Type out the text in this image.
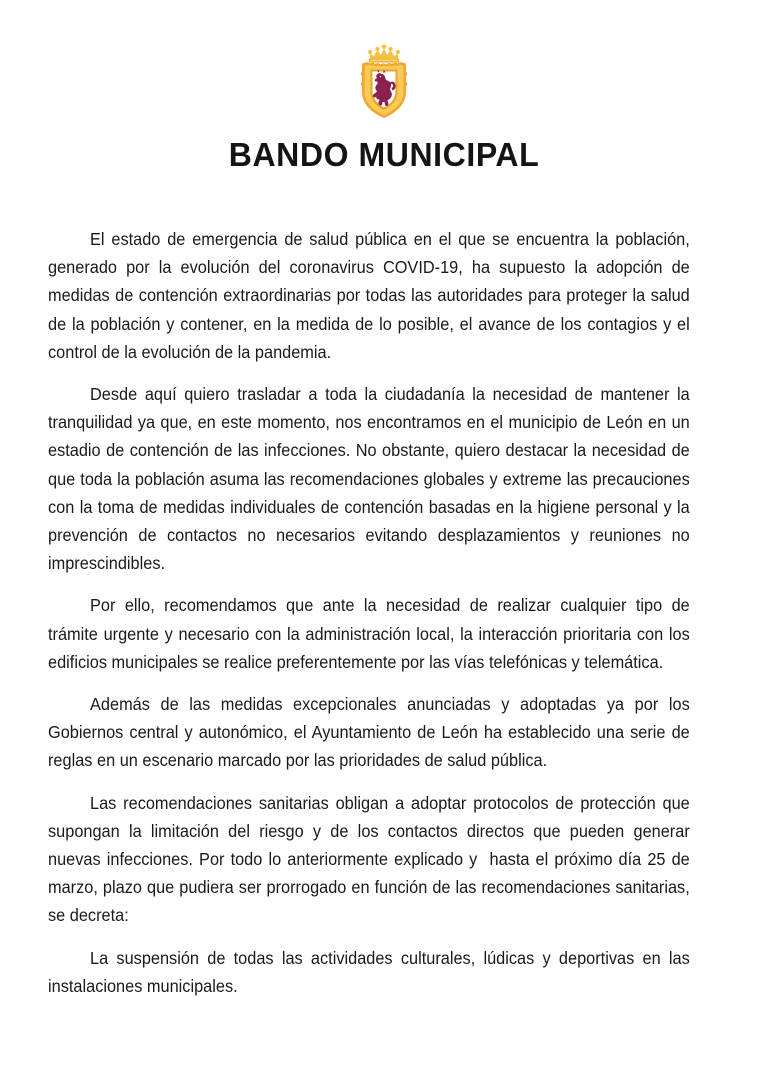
BANDO MUNICIPAL

El estado de emergencia de salud pública en el que se encuentra la población, generado por la evolución del coronavirus COVID-19, ha supuesto la adopción de medidas de contención extraordinarias por todas las autoridades para proteger la salud de la población y contener, en la medida de lo posible, el avance de los contagios y el control de la evolución de la pandemia.

Desde aquí quiero trasladar a toda la ciudadanía la necesidad de mantener la tranquilidad ya que, en este momento, nos encontramos en el municipio de León en un estadio de contención de las infecciones. No obstante, quiero destacar la necesidad de que toda la población asuma las recomendaciones globales y extreme las precauciones con la toma de medidas individuales de contención basadas en la higiene personal y la prevención de contactos no necesarios evitando desplazamientos y reuniones no imprescindibles.

Por ello, recomendamos que ante la necesidad de realizar cualquier tipo de trámite urgente y necesario con la administración local, la interacción prioritaria con los edificios municipales se realice preferentemente por las vías telefónicas y telemática.

Además de las medidas excepcionales anunciadas y adoptadas ya por los Gobiernos central y autonómico, el Ayuntamiento de León ha establecido una serie de reglas en un escenario marcado por las prioridades de salud pública.

Las recomendaciones sanitarias obligan a adoptar protocolos de protección que supongan la limitación del riesgo y de los contactos directos que pueden generar nuevas infecciones. Por todo lo anteriormente explicado y  hasta el próximo día 25 de marzo, plazo que pudiera ser prorrogado en función de las recomendaciones sanitarias, se decreta:

La suspensión de todas las actividades culturales, lúdicas y deportivas en las instalaciones municipales.
